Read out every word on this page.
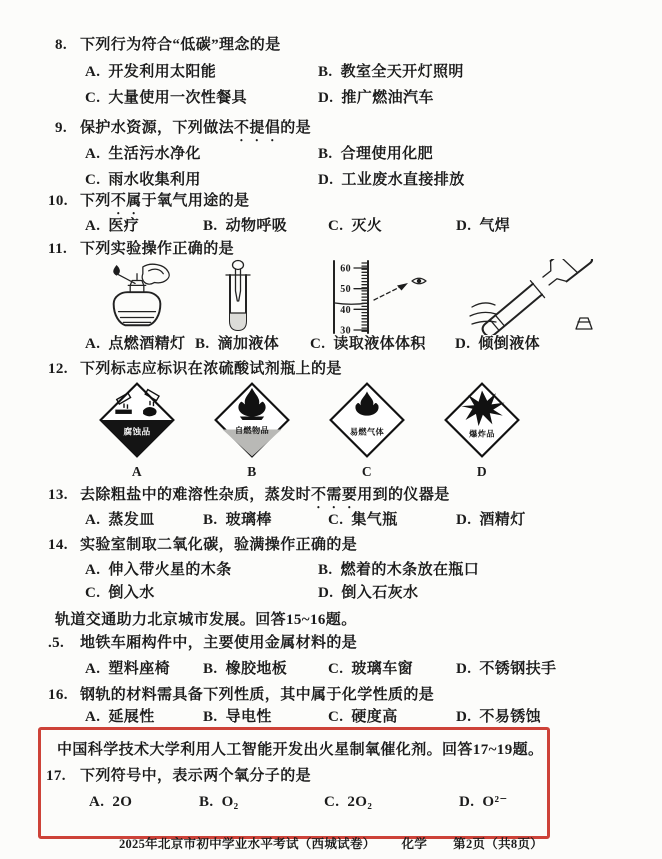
8. 下列行为符合“低碳”理念的是
A. 开发利用太阳能	B. 教室全天开灯照明
C. 大量使用一次性餐具	D. 推广燃油汽车
9. 保护水资源，下列做法不提倡的是
A. 生活污水净化	B. 合理使用化肥
C. 雨水收集利用	D. 工业废水直接排放
10. 下列不属于氧气用途的是
A. 医疗	B. 动物呼吸	C. 灭火	D. 气焊
11. 下列实验操作正确的是
60
50
40
30
A. 点燃酒精灯 B. 滴加液体	C. 读取液体体积	D. 倾倒液体
12. 下列标志应标识在浓硫酸试剂瓶上的是
腐蚀品	自燃物品	易燃气体	爆炸品
A	B	C	D
13. 去除粗盐中的难溶性杂质，蒸发时不需要用到的仪器是
A. 蒸发皿	B. 玻璃棒	C. 集气瓶	D. 酒精灯
14. 实验室制取二氧化碳，验满操作正确的是
A. 伸入带火星的木条	B. 燃着的木条放在瓶口
C. 倒入水	D. 倒入石灰水
轨道交通助力北京城市发展。回答15~16题。
.5.	地铁车厢构件中，主要使用金属材料的是
A. 塑料座椅	B. 橡胶地板	C. 玻璃车窗	D. 不锈钢扶手
16. 钢轨的材料需具备下列性质，其中属于化学性质的是
A. 延展性	B. 导电性	C. 硬度高	D. 不易锈蚀
中国科学技术大学利用人工智能开发出火星制氧催化剂。回答17~19题。
17. 下列符号中，表示两个氧分子的是
A. 2O	B. O₂	C. 2O₂	D. O²⁻
2025年北京市初中学业水平考试（西城试卷） 化学 第2页（共8页）
